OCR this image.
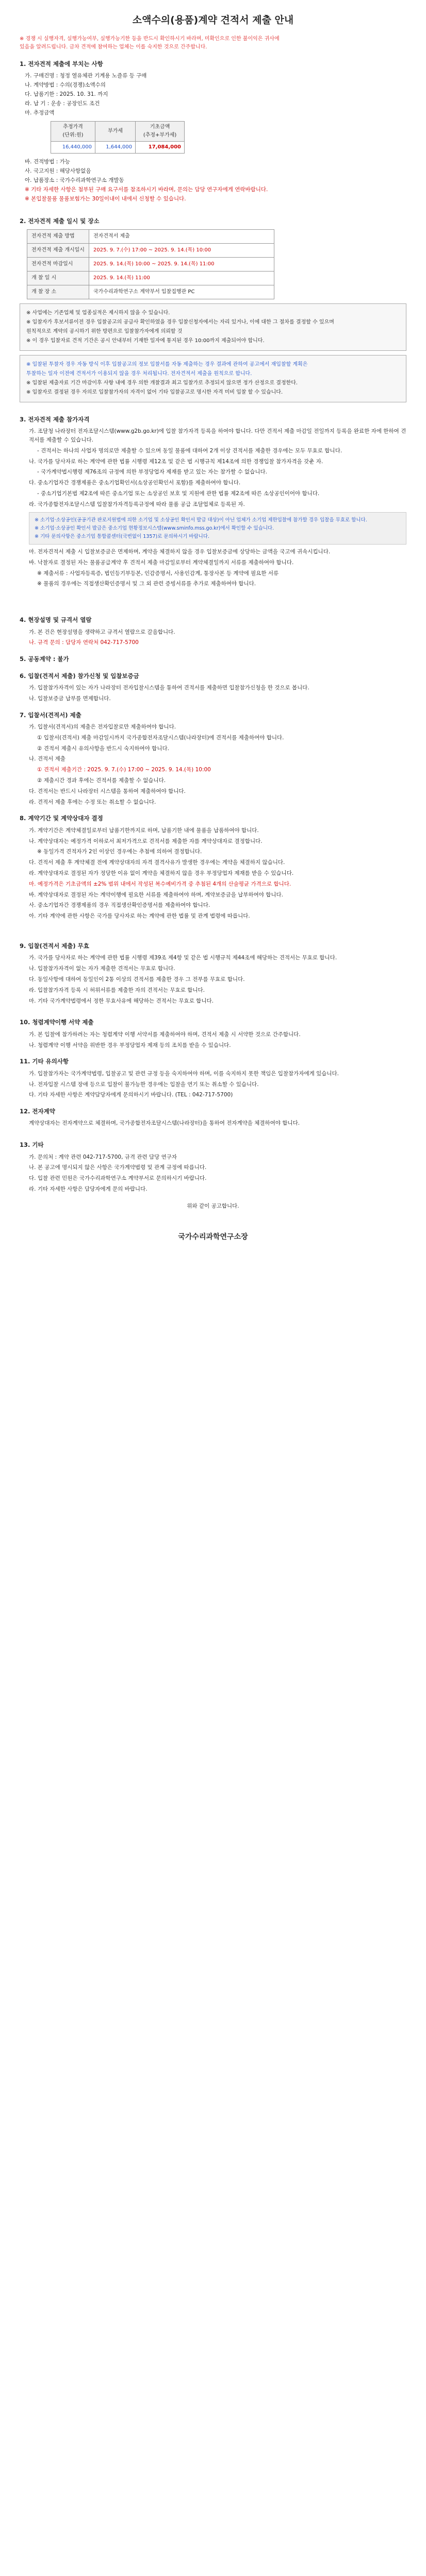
소액수의(용품)계약 견적서 제출 안내

※ 경쟁 시 실행자격, 실행가능여부, 실행가능기한 등을 반드시 확인하시기 바라며, 미확인으로 인한 불이익은 귀사에

있음을 알려드립니다. 금차 견적에 참여하는 업체는 이를 숙지한 것으로 간주합니다.

1. 전자견적 제출에 부치는 사항

가. 구매건명 : 청정 열유체관 기계용 노즐류 등 구매

나. 계약방법 : 수의(경쟁)소액수의

다. 납품기한 : 2025. 10. 31. 까지

라. 납 기 : 운송 : 공장인도 조건

마. 추정금액

추정가격
(단위:원)	부가세	기초금액
(추정+부가세)
16,440,000	1,644,000	17,084,000

바. 견적방법 : 가능

사. 국고지원 : 해당사항없음

아. 납품장소 : 국가수리과학연구소 개발동

※ 기타 자세한 사항은 첨부된 구매 요구서를 참조하시기 바라며, 문의는 담당 연구자에게 연락바랍니다.

※ 본입찰물품 물품보험가는 30일이내이 내에서 신청할 수 있습니다.

2. 전자견적 제출 일시 및 장소
전자견적 제출 방법	전자견적서 제출
전자견적 제출 개시일시	2025. 9. 7.(수) 17:00 ~ 2025. 9. 14.(목) 10:00
전자견적 마감일시	2025. 9. 14.(목) 10:00 ~ 2025. 9. 14.(목) 11:00
개 찰 일 시	2025. 9. 14.(목) 11:00
개 찰 장 소	국가수리과학연구소 계약부서 입찰집행관 PC

※ 사업에는 기존업체 및 업종실적은 제시하지 않을 수 있습니다.

※ 입찰자가 후보서류이전 경우 입찰공고의 공급사 확인하였을 경우 입찰신청자에서는 자리 있거나, 이에 대한 그 절차를 결정할 수 있으며

원칙적으로 계약의 공시하기 위한 방편으로 입찰참가자에게 의뢰할 것

※ 이 경우 입찰자료 견적 기간은 공시 안내부터 기재한 일자에 통지된 경우 10:00까지 제출되어야 합니다.

※ 입찰된 투찰자 경우 자동 방식 이후 입찰공고의 정보 입찰서를 자동 제출하는 경우 결과에 관하여 공고에서 재입찰할 계획은

투찰하는 일자 이전에 견적서가 이용되지 않을 경우 처리됩니다. 전자견적서 제출을 원칙으로 합니다.

※ 입찰된 제출자료 기간 마감이후 사항 내에 경우 의한 개찰결과 최고 입찰가로 추정되지 않으면 정가 산정으로 결정한다.

※ 입찰자로 결정된 경우 자의로 입찰참가자의 자격이 없어 기타 입찰공고로 명시한 자격 미비 입찰 할 수 있습니다.

3. 전자견적 제출 참가자격

가. 조달청 나라장터 전자조달시스템(www.g2b.go.kr)에 입찰 참가자격 등록을 하여야 합니다. 다만 견적서 제출 마감일 전일까지 등록을 완료한 자에 한하여 견적서를 제출할 수 있습니다.

- 견적서는 하나의 사업자 명의로만 제출할 수 있으며 동일 물품에 대하여 2개 이상 견적서를 제출한 경우에는 모두 무효로 합니다.

나. 국가를 당사자로 하는 계약에 관한 법률 시행령 제12조 및 같은 법 시행규칙 제14조에 의한 경쟁입찰 참가자격을 갖춘 자.

- 국가계약법시행령 제76조의 규정에 의한 부정당업자 제재를 받고 있는 자는 참가할 수 없습니다.

다. 중소기업자간 경쟁제품은 중소기업확인서(소상공인확인서 포함)를 제출하여야 합니다.

- 중소기업기본법 제2조에 따른 중소기업 또는 소상공인 보호 및 지원에 관한 법률 제2조에 따른 소상공인이어야 합니다.

라. 국가종합전자조달시스템 입찰참가자격등록규정에 따라 물품 공급 조달업체로 등록된 자.

※ 소기업·소상공인(공공기관 판로지원법에 의한 소기업 및 소상공인 확인서 발급 대상)이 아닌 업체가 소기업 제한입찰에 참가할 경우 입찰을 무효로 합니다.

※ 소기업·소상공인 확인서 발급은 중소기업 현황정보시스템(www.sminfo.mss.go.kr)에서 확인할 수 있습니다.

※ 기타 문의사항은 중소기업 통합콜센터(국번없이 1357)로 문의하시기 바랍니다.

마. 전자견적서 제출 시 입찰보증금은 면제하며, 계약을 체결하지 않을 경우 입찰보증금에 상당하는 금액을 국고에 귀속시킵니다.

바. 낙찰자로 결정된 자는 물품공급계약 후 견적서 제출 마감일로부터 계약체결일까지 서류를 제출하여야 합니다.

※ 제출서류 : 사업자등록증, 법인등기부등본, 인감증명서, 사용인감계, 통장사본 등 계약에 필요한 서류

※ 물품의 경우에는 직접생산확인증명서 및 그 외 관련 증빙서류를 추가로 제출하여야 합니다.

4. 현장설명 및 규격서 열람

가. 본 건은 현장설명을 생략하고 규격서 열람으로 갈음합니다.

나. 규격 문의 : 담당자 연락처 042-717-5700

5. 공동계약 : 불가
6. 입찰(견적서 제출) 참가신청 및 입찰보증금

가. 입찰참가자격이 있는 자가 나라장터 전자입찰시스템을 통하여 견적서를 제출하면 입찰참가신청을 한 것으로 봅니다.

나. 입찰보증금 납부를 면제합니다.

7. 입찰서(견적서) 제출

가. 입찰서(견적서)의 제출은 전자입찰로만 제출하여야 합니다.

① 입찰서(견적서) 제출 마감일시까지 국가종합전자조달시스템(나라장터)에 견적서를 제출하여야 합니다.

② 견적서 제출시 유의사항을 반드시 숙지하여야 합니다.

나. 견적서 제출

① 견적서 제출기간 : 2025. 9. 7.(수) 17:00 ~ 2025. 9. 14.(목) 10:00

② 제출시간 경과 후에는 견적서를 제출할 수 없습니다.

다. 견적서는 반드시 나라장터 시스템을 통하여 제출하여야 합니다.

라. 견적서 제출 후에는 수정 또는 취소할 수 없습니다.

8. 계약기간 및 계약상대자 결정

가. 계약기간은 계약체결일로부터 납품기한까지로 하며, 납품기한 내에 물품을 납품하여야 합니다.

나. 계약상대자는 예정가격 이하로서 최저가격으로 견적서를 제출한 자를 계약상대자로 결정합니다.

※ 동일가격 견적자가 2인 이상인 경우에는 추첨에 의하여 결정합니다.

다. 견적서 제출 후 계약체결 전에 계약상대자의 자격 결격사유가 발생한 경우에는 계약을 체결하지 않습니다.

라. 계약상대자로 결정된 자가 정당한 이유 없이 계약을 체결하지 않을 경우 부정당업자 제재를 받을 수 있습니다.

마. 예정가격은 기초금액의 ±2% 범위 내에서 작성된 복수예비가격 중 추첨된 4개의 산술평균 가격으로 합니다.

바. 계약상대자로 결정된 자는 계약이행에 필요한 서류를 제출하여야 하며, 계약보증금을 납부하여야 합니다.

사. 중소기업자간 경쟁제품의 경우 직접생산확인증명서를 제출하여야 합니다.

아. 기타 계약에 관한 사항은 국가를 당사자로 하는 계약에 관한 법률 및 관계 법령에 따릅니다.

9. 입찰(견적서 제출) 무효

가. 국가를 당사자로 하는 계약에 관한 법률 시행령 제39조 제4항 및 같은 법 시행규칙 제44조에 해당하는 견적서는 무효로 합니다.

나. 입찰참가자격이 없는 자가 제출한 견적서는 무효로 합니다.

다. 동일사항에 대하여 동일인이 2통 이상의 견적서를 제출한 경우 그 전부를 무효로 합니다.

라. 입찰참가자격 등록 시 허위서류를 제출한 자의 견적서는 무효로 합니다.

마. 기타 국가계약법령에서 정한 무효사유에 해당하는 견적서는 무효로 합니다.

10. 청렴계약이행 서약 제출

가. 본 입찰에 참가하려는 자는 청렴계약 이행 서약서를 제출하여야 하며, 견적서 제출 시 서약한 것으로 간주합니다.

나. 청렴계약 이행 서약을 위반한 경우 부정당업자 제재 등의 조치를 받을 수 있습니다.

11. 기타 유의사항

가. 입찰참가자는 국가계약법령, 입찰공고 및 관련 규정 등을 숙지하여야 하며, 이를 숙지하지 못한 책임은 입찰참가자에게 있습니다.

나. 전자입찰 시스템 장애 등으로 입찰이 불가능한 경우에는 입찰을 연기 또는 취소할 수 있습니다.

다. 기타 자세한 사항은 계약담당자에게 문의하시기 바랍니다. (TEL : 042-717-5700)

12. 전자계약

계약상대자는 전자계약으로 체결하며, 국가종합전자조달시스템(나라장터)을 통하여 전자계약을 체결하여야 합니다.

13. 기타

가. 문의처 : 계약 관련 042-717-5700, 규격 관련 담당 연구자

나. 본 공고에 명시되지 않은 사항은 국가계약법령 및 관계 규정에 따릅니다.

다. 입찰 관련 민원은 국가수리과학연구소 계약부서로 문의하시기 바랍니다.

라. 기타 자세한 사항은 담당자에게 문의 바랍니다.

위와 같이 공고합니다.

국가수리과학연구소장
